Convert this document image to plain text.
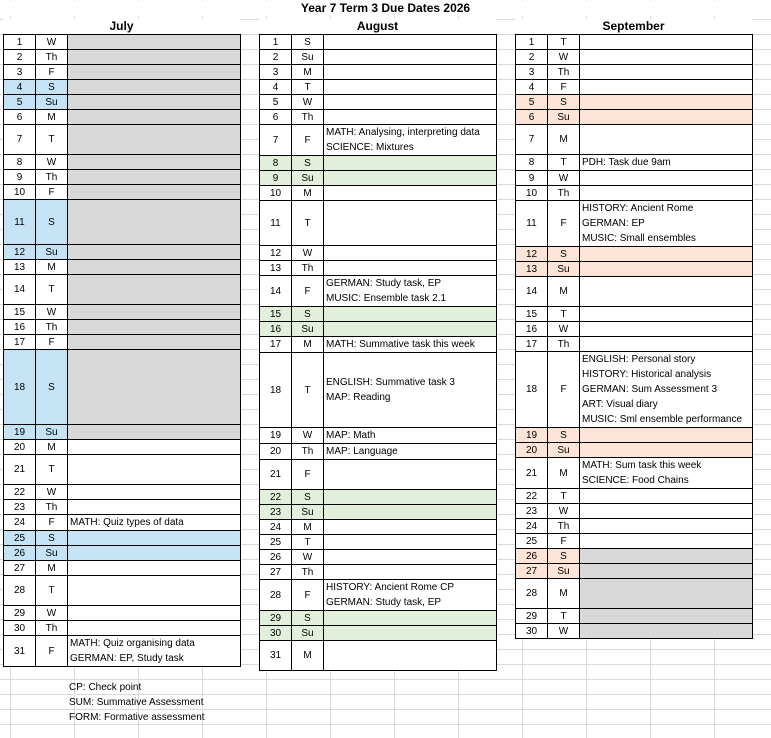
Year 7 Term 3 Due Dates 2026
July	August	September
1	W	
2	Th	
3	F	
4	S	
5	Su	
6	M	
7	T	
8	W	
9	Th	
10	F	
11	S	
12	Su	
13	M	
14	T	
15	W	
16	Th	
17	F	
18	S	
19	Su	
20	M	
21	T	
22	W	
23	Th	
24	F	MATH: Quiz types of data

25	S	
26	Su	
27	M	
28	T	
29	W	
30	Th	
31	F	MATH: Quiz organising data
GERMAN: EP, Study task
1	S	
2	Su	
3	M	
4	T	
5	W	
6	Th	
7	F	MATH: Analysing, interpreting data
SCIENCE: Mixtures

8	S	
9	Su	
10	M	
11	T	
12	W	
13	Th	
14	F	GERMAN: Study task, EP
MUSIC: Ensemble task 2.1

15	S	
16	Su	
17	M	MATH: Summative task this week

18	T	ENGLISH: Summative task 3
MAP: Reading

19	W	MAP: Math

20	Th	MAP: Language

21	F	
22	S	
23	Su	
24	M	
25	T	
26	W	
27	Th	
28	F	HISTORY: Ancient Rome CP
GERMAN: Study task, EP

29	S	
30	Su	
31	M	
1	T	
2	W	
3	Th	
4	F	
5	S	
6	Su	
7	M	
8	T	PDH: Task due 9am

9	W	
10	Th	
11	F	HISTORY: Ancient Rome
GERMAN: EP
MUSIC: Small ensembles

12	S	
13	Su	
14	M	
15	T	
16	W	
17	Th	
18	F	ENGLISH: Personal story
HISTORY: Historical analysis
GERMAN: Sum Assessment 3
ART: Visual diary
MUSIC: Sml ensemble performance

19	S	
20	Su	
21	M	MATH: Sum task this week
SCIENCE: Food Chains

22	T	
23	W	
24	Th	
25	F	
26	S	
27	Su	
28	M	
29	T	
30	W	
CP: Check point
SUM: Summative Assessment
FORM: Formative assessment
